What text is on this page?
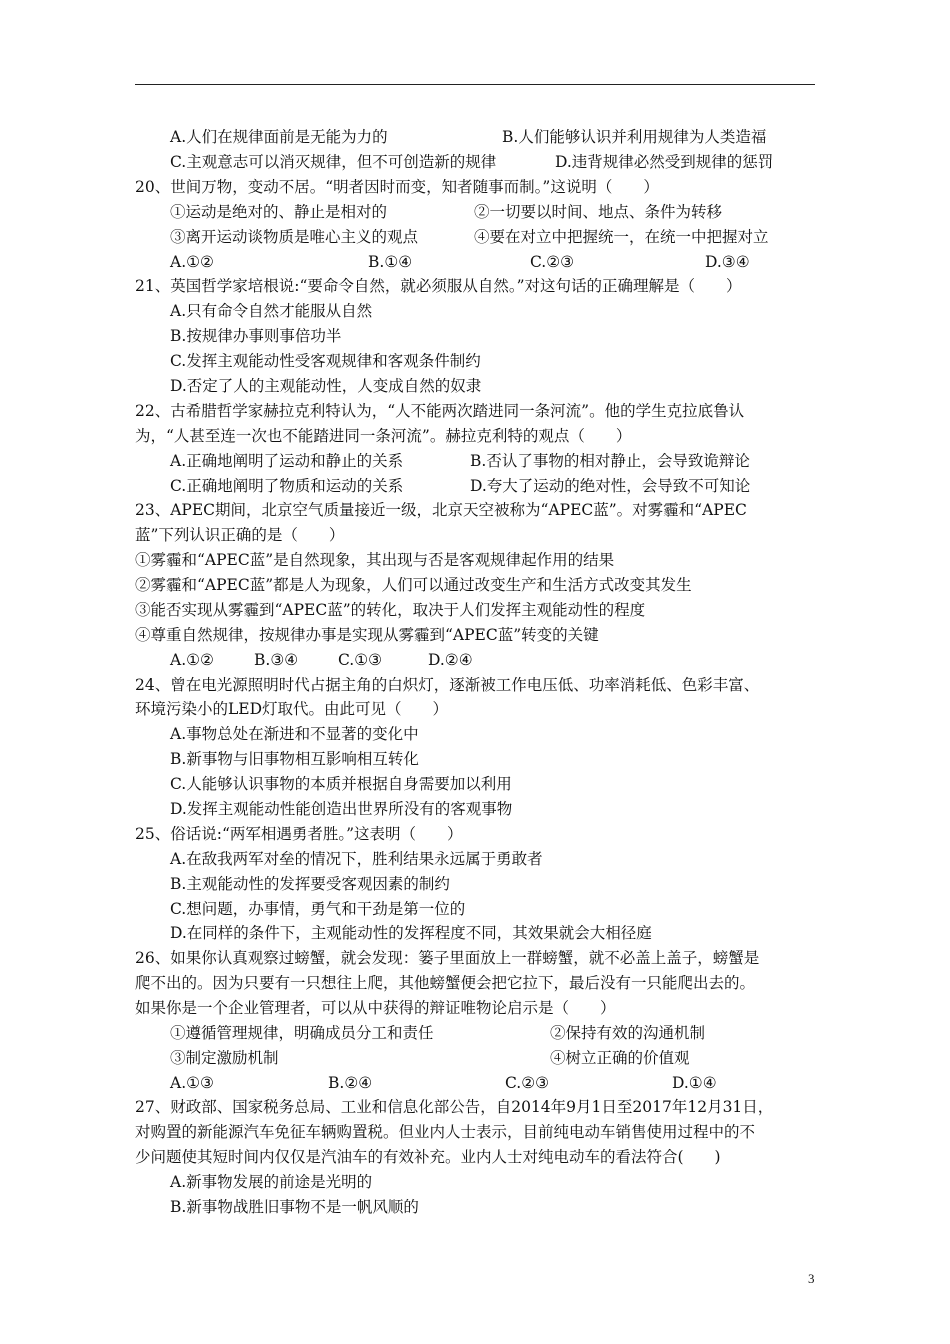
A.人们在规律面前是无能为力的	B.人们能够认识并利用规律为人类造福
C.主观意志可以消灭规律，但不可创造新的规律	D.违背规律必然受到规律的惩罚
20、世间万物，变动不居。“明者因时而变，知者随事而制。”这说明（　　）
①运动是绝对的、静止是相对的	②一切要以时间、地点、条件为转移
③离开运动谈物质是唯心主义的观点	④要在对立中把握统一，在统一中把握对立
A.①②	B.①④	C.②③	D.③④
21、英国哲学家培根说:“要命令自然，就必须服从自然。”对这句话的正确理解是（　　）
A.只有命令自然才能服从自然
B.按规律办事则事倍功半
C.发挥主观能动性受客观规律和客观条件制约
D.否定了人的主观能动性，人变成自然的奴隶
22、古希腊哲学家赫拉克利特认为，“人不能两次踏进同一条河流”。他的学生克拉底鲁认
为，“人甚至连一次也不能踏进同一条河流”。赫拉克利特的观点（　　）
A.正确地阐明了运动和静止的关系	B.否认了事物的相对静止，会导致诡辩论
C.正确地阐明了物质和运动的关系	D.夸大了运动的绝对性，会导致不可知论
23、APEC期间，北京空气质量接近一级，北京天空被称为“APEC蓝”。对雾霾和“APEC
蓝”下列认识正确的是（　　）
①雾霾和“APEC蓝”是自然现象，其出现与否是客观规律起作用的结果
②雾霾和“APEC蓝”都是人为现象，人们可以通过改变生产和生活方式改变其发生
③能否实现从雾霾到“APEC蓝”的转化，取决于人们发挥主观能动性的程度
④尊重自然规律，按规律办事是实现从雾霾到“APEC蓝”转变的关键
A.①②	B.③④	C.①③	D.②④
24、曾在电光源照明时代占据主角的白炽灯，逐渐被工作电压低、功率消耗低、色彩丰富、
环境污染小的LED灯取代。由此可见（　　）
A.事物总处在渐进和不显著的变化中
B.新事物与旧事物相互影响相互转化
C.人能够认识事物的本质并根据自身需要加以利用
D.发挥主观能动性能创造出世界所没有的客观事物
25、俗话说:“两军相遇勇者胜。”这表明（　　）
A.在敌我两军对垒的情况下，胜利结果永远属于勇敢者
B.主观能动性的发挥要受客观因素的制约
C.想问题，办事情，勇气和干劲是第一位的
D.在同样的条件下，主观能动性的发挥程度不同，其效果就会大相径庭
26、如果你认真观察过螃蟹，就会发现：篓子里面放上一群螃蟹，就不必盖上盖子，螃蟹是
爬不出的。因为只要有一只想往上爬，其他螃蟹便会把它拉下，最后没有一只能爬出去的。
如果你是一个企业管理者，可以从中获得的辩证唯物论启示是（　　）
①遵循管理规律，明确成员分工和责任	②保持有效的沟通机制
③制定激励机制	④树立正确的价值观
A.①③	B.②④	C.②③	D.①④
27、财政部、国家税务总局、工业和信息化部公告，自2014年9月1日至2017年12月31日，
对购置的新能源汽车免征车辆购置税。但业内人士表示，目前纯电动车销售使用过程中的不
少问题使其短时间内仅仅是汽油车的有效补充。业内人士对纯电动车的看法符合(　　)
A.新事物发展的前途是光明的
B.新事物战胜旧事物不是一帆风顺的
3
